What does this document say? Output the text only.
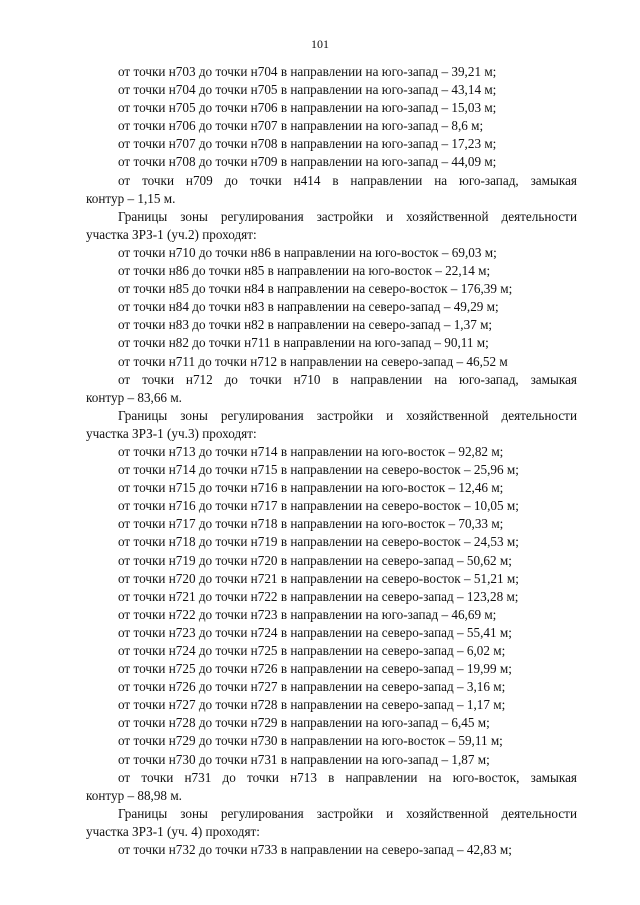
101
от точки н703 до точки н704 в направлении на юго-запад – 39,21 м;
от точки н704 до точки н705 в направлении на юго-запад – 43,14 м;
от точки н705 до точки н706 в направлении на юго-запад – 15,03 м;
от точки н706 до точки н707 в направлении на юго-запад – 8,6 м;
от точки н707 до точки н708 в направлении на юго-запад – 17,23 м;
от точки н708 до точки н709 в направлении на юго-запад – 44,09 м;
от точки н709 до точки н414 в направлении на юго-запад, замыкая
контур – 1,15 м.
Границы зоны регулирования застройки и хозяйственной деятельности
участка ЗРЗ-1 (уч.2) проходят:
от точки н710 до точки н86 в направлении на юго-восток – 69,03 м;
от точки н86 до точки н85 в направлении на юго-восток – 22,14 м;
от точки н85 до точки н84 в направлении на северо-восток – 176,39 м;
от точки н84 до точки н83 в направлении на северо-запад – 49,29 м;
от точки н83 до точки н82 в направлении на северо-запад – 1,37 м;
от точки н82 до точки н711 в направлении на юго-запад – 90,11 м;
от точки н711 до точки н712 в направлении на северо-запад – 46,52 м
от точки н712 до точки н710 в направлении на юго-запад, замыкая
контур – 83,66 м.
Границы зоны регулирования застройки и хозяйственной деятельности
участка ЗРЗ-1 (уч.3) проходят:
от точки н713 до точки н714 в направлении на юго-восток – 92,82 м;
от точки н714 до точки н715 в направлении на северо-восток – 25,96 м;
от точки н715 до точки н716 в направлении на юго-восток – 12,46 м;
от точки н716 до точки н717 в направлении на северо-восток – 10,05 м;
от точки н717 до точки н718 в направлении на юго-восток – 70,33 м;
от точки н718 до точки н719 в направлении на северо-восток – 24,53 м;
от точки н719 до точки н720 в направлении на северо-запад – 50,62 м;
от точки н720 до точки н721 в направлении на северо-восток – 51,21 м;
от точки н721 до точки н722 в направлении на северо-запад – 123,28 м;
от точки н722 до точки н723 в направлении на юго-запад – 46,69 м;
от точки н723 до точки н724 в направлении на северо-запад – 55,41 м;
от точки н724 до точки н725 в направлении на северо-запад – 6,02 м;
от точки н725 до точки н726 в направлении на северо-запад – 19,99 м;
от точки н726 до точки н727 в направлении на северо-запад – 3,16 м;
от точки н727 до точки н728 в направлении на северо-запад – 1,17 м;
от точки н728 до точки н729 в направлении на юго-запад – 6,45 м;
от точки н729 до точки н730 в направлении на юго-восток – 59,11 м;
от точки н730 до точки н731 в направлении на юго-запад – 1,87 м;
от точки н731 до точки н713 в направлении на юго-восток, замыкая
контур – 88,98 м.
Границы зоны регулирования застройки и хозяйственной деятельности
участка ЗРЗ-1 (уч. 4) проходят:
от точки н732 до точки н733 в направлении на северо-запад – 42,83 м;
